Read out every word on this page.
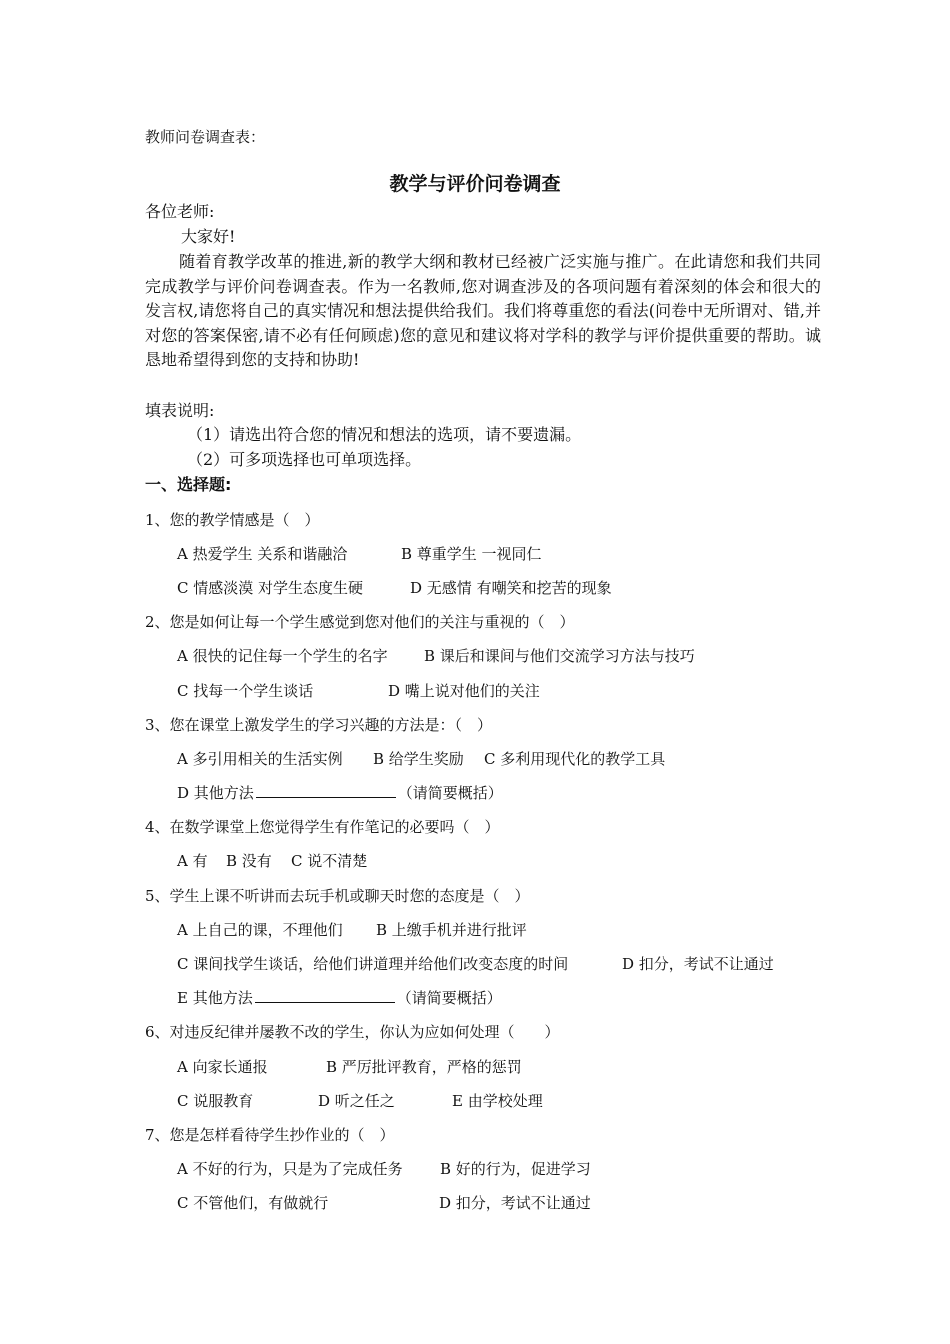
教师问卷调查表：
教学与评价问卷调查
各位老师:
大家好!
随着育教学改革的推进,新的教学大纲和教材已经被广泛实施与推广。在此请您和我们共同完成教学与评价问卷调查表。作为一名教师,您对调查涉及的各项问题有着深刻的体会和很大的发言权,请您将自己的真实情况和想法提供给我们。我们将尊重您的看法(问卷中无所谓对、错,并对您的答案保密,请不必有任何顾虑)您的意见和建议将对学科的教学与评价提供重要的帮助。诚恳地希望得到您的支持和协助!
填表说明:
（1）请选出符合您的情况和想法的选项，请不要遗漏。
（2）可多项选择也可单项选择。
一、选择题:
1、您的教学情感是（　）
A 热爱学生 关系和谐融洽	B 尊重学生 一视同仁
C 情感淡漠 对学生态度生硬	D 无感情 有嘲笑和挖苦的现象
2、您是如何让每一个学生感觉到您对他们的关注与重视的（　）
A 很快的记住每一个学生的名字 B 课后和课间与他们交流学习方法与技巧
C 找每一个学生谈话	D 嘴上说对他们的关注
3、您在课堂上激发学生的学习兴趣的方法是：（　）
A 多引用相关的生活实例 B 给学生奖励 C 多利用现代化的教学工具
D 其他方法	（请简要概括）
4、在数学课堂上您觉得学生有作笔记的必要吗（　）
A 有 B 没有 C 说不清楚
5、学生上课不听讲而去玩手机或聊天时您的态度是（　）
A 上自己的课，不理他们 B 上缴手机并进行批评
C 课间找学生谈话，给他们讲道理并给他们改变态度的时间	D 扣分，考试不让通过
E 其他方法	（请简要概括）
6、对违反纪律并屡教不改的学生，你认为应如何处理（　　）
A 向家长通报	B 严厉批评教育，严格的惩罚
C 说服教育	D 听之任之	E 由学校处理
7、您是怎样看待学生抄作业的（　）
A 不好的行为，只是为了完成任务 B 好的行为，促进学习
C 不管他们，有做就行	D 扣分，考试不让通过
